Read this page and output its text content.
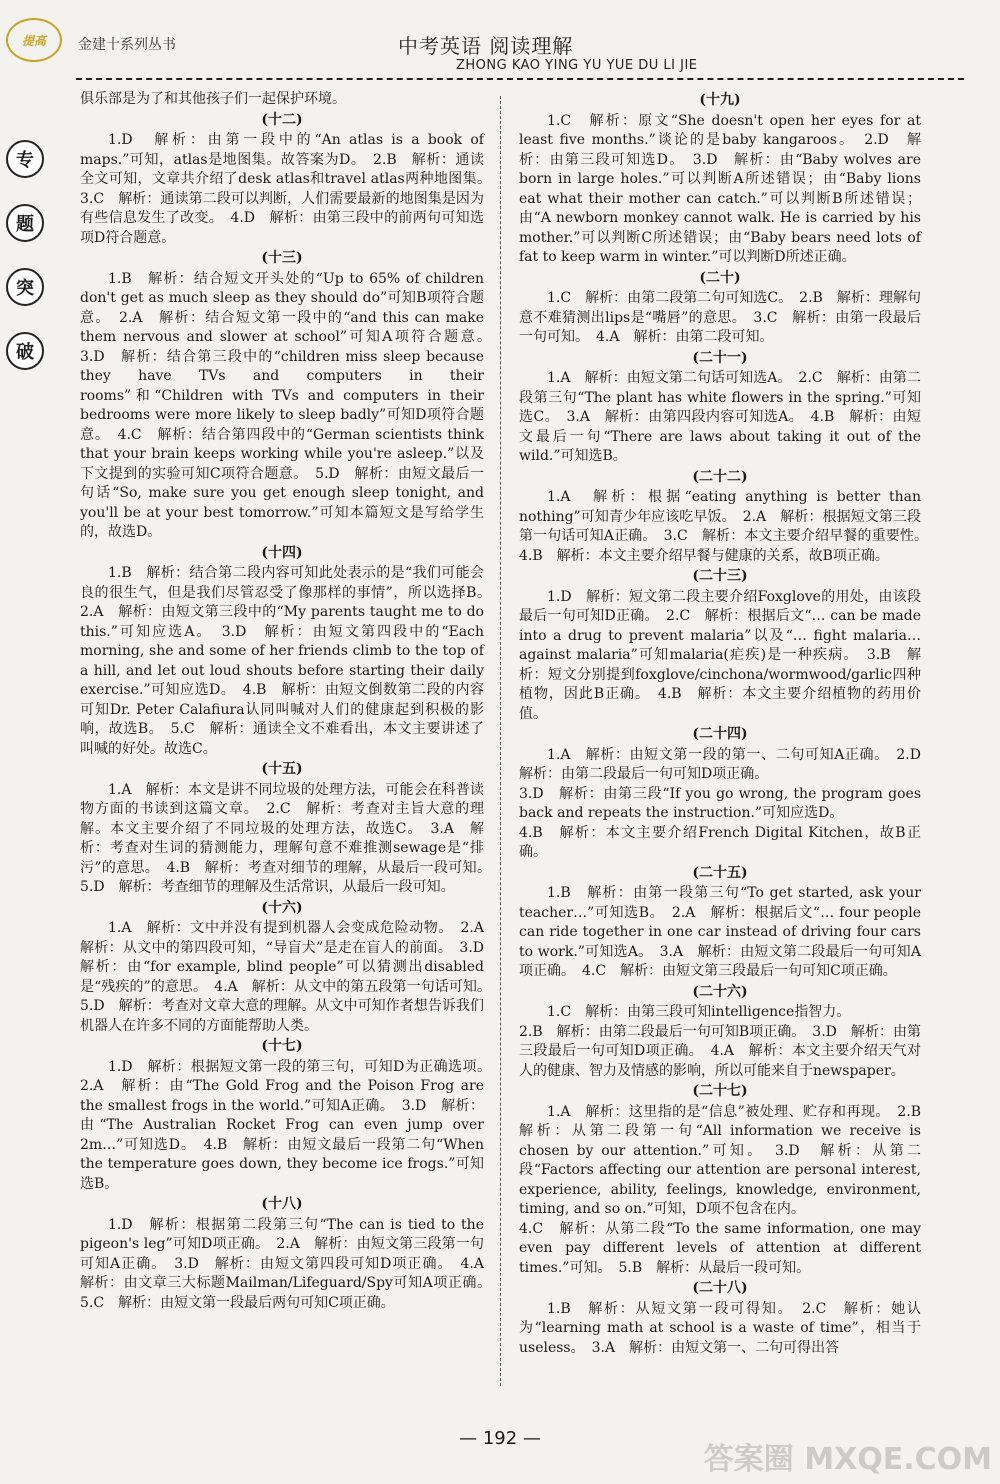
提高 金建十系列丛书	中考英语 阅读理解
ZHONG KAO YING YU YUE DU LI JIE
专
题
突
破

俱乐部是为了和其他孩子们一起保护环境。

(十二)

1.D　解析：由第一段中的“An atlas is a book of maps.”可知，atlas是地图集。故答案为D。　2.B　解析：通读全文可知，文章共介绍了desk atlas和travel atlas两种地图集。　3.C　解析：通读第二段可以判断，人们需要最新的地图集是因为有些信息发生了改变。　4.D　解析：由第三段中的前两句可知选项D符合题意。

(十三)

1.B　解析：结合短文开头处的“Up to 65% of children don't get as much sleep as they should do”可知B项符合题意。　2.A　解析：结合短文第一段中的“and this can make them nervous and slower at school”可知A项符合题意。　3.D　解析：结合第三段中的“children miss sleep because they have TVs and computers in their rooms”和“Children with TVs and computers in their bedrooms were more likely to sleep badly”可知D项符合题意。　4.C　解析：结合第四段中的“German scientists think that your brain keeps working while you're asleep.”以及下文提到的实验可知C项符合题意。　5.D　解析：由短文最后一句话“So, make sure you get enough sleep tonight, and you'll be at your best tomorrow.”可知本篇短文是写给学生的，故选D。

(十四)

1.B　解析：结合第二段内容可知此处表示的是“我们可能会良的很生气，但是我们尽管忍受了像那样的事情”，所以选择B。　2.A　解析：由短文第三段中的“My parents taught me to do this.”可知应选A。　3.D　解析：由短文第四段中的“Each morning, she and some of her friends climb to the top of a hill, and let out loud shouts before starting their daily exercise.”可知应选D。　4.B　解析：由短文倒数第二段的内容可知Dr. Peter Calafiura认同叫喊对人们的健康起到积极的影响，故选B。　5.C　解析：通读全文不难看出，本文主要讲述了叫喊的好处。故选C。

(十五)

1.A　解析：本文是讲不同垃圾的处理方法，可能会在科普读物方面的书读到这篇文章。　2.C　解析：考查对主旨大意的理解。本文主要介绍了不同垃圾的处理方法，故选C。　3.A　解析：考查对生词的猜测能力，理解句意不难推测sewage是“排污”的意思。　4.B　解析：考查对细节的理解，从最后一段可知。　5.D　解析：考查细节的理解及生活常识，从最后一段可知。

(十六)

1.A　解析：文中并没有提到机器人会变成危险动物。　2.A　解析：从文中的第四段可知，“导盲犬”是走在盲人的前面。　3.D　解析：由“for example, blind people”可以猜测出disabled是“残疾的”的意思。　4.A　解析：从文中的第五段第一句话可知。　5.D　解析：考查对文章大意的理解。从文中可知作者想告诉我们机器人在许多不同的方面能帮助人类。

(十七)

1.D　解析：根据短文第一段的第三句，可知D为正确选项。　2.A　解析：由“The Gold Frog and the Poison Frog are the smallest frogs in the world.”可知A正确。　3.D　解析：由“The Australian Rocket Frog can even jump over 2m…”可知选D。　4.B　解析：由短文最后一段第二句“When the temperature goes down, they become ice frogs.”可知选B。

(十八)

1.D　解析：根据第二段第三句“The can is tied to the pigeon's leg”可知D项正确。　2.A　解析：由短文第三段第一句可知A正确。　3.D　解析：由短文第四段可知D项正确。　4.A　解析：由文章三大标题Mailman/Lifeguard/Spy可知A项正确。　5.C　解析：由短文第一段最后两句可知C项正确。

(十九)

1.C　解析：原文“She doesn't open her eyes for at least five months.”谈论的是baby kangaroos。　2.D　解析：由第三段可知选D。　3.D　解析：由“Baby wolves are born in large holes.”可以判断A所述错误；由“Baby lions eat what their mother can catch.”可以判断B所述错误；由“A newborn monkey cannot walk. He is carried by his mother.”可以判断C所述错误；由“Baby bears need lots of fat to keep warm in winter.”可以判断D所述正确。

(二十)

1.C　解析：由第二段第二句可知选C。　2.B　解析：理解句意不难猜测出lips是“嘴唇”的意思。　3.C　解析：由第一段最后一句可知。　4.A　解析：由第二段可知。

(二十一)

1.A　解析：由短文第二句话可知选A。　2.C　解析：由第二段第三句“The plant has white flowers in the spring.”可知选C。　3.A　解析：由第四段内容可知选A。　4.B　解析：由短文最后一句“There are laws about taking it out of the wild.”可知选B。

(二十二)

1.A　解析：根据“eating anything is better than nothing”可知青少年应该吃早饭。　2.A　解析：根据短文第三段第一句话可知A正确。　3.C　解析：本文主要介绍早餐的重要性。　4.B　解析：本文主要介绍早餐与健康的关系，故B项正确。

(二十三)

1.D　解析：短文第二段主要介绍Foxglove的用处，由该段最后一句可知D正确。　2.C　解析：根据后文“… can be made into a drug to prevent malaria”以及“… fight malaria… against malaria”可知malaria(疟疾)是一种疾病。　3.B　解析：短文分别提到foxglove/cinchona/wormwood/garlic四种植物，因此B正确。　4.B　解析：本文主要介绍植物的药用价值。

(二十四)

1.A　解析：由短文第一段的第一、二句可知A正确。　2.D　解析：由第二段最后一句可知D项正确。

3.D　解析：由第三段“If you go wrong, the program goes back and repeats the instruction.”可知应选D。

4.B　解析：本文主要介绍French Digital Kitchen，故B正确。

(二十五)

1.B　解析：由第一段第三句“To get started, ask your teacher…”可知选B。　2.A　解析：根据后文“… four people can ride together in one car instead of driving four cars to work.”可知选A。　3.A　解析：由短文第二段最后一句可知A项正确。　4.C　解析：由短文第三段最后一句可知C项正确。

(二十六)

1.C　解析：由第三段可知intelligence指智力。

2.B　解析：由第二段最后一句可知B项正确。　3.D　解析：由第三段最后一句可知D项正确。　4.A　解析：本文主要介绍天气对人的健康、智力及情感的影响，所以可能来自于newspaper。

(二十七)

1.A　解析：这里指的是“信息”被处理、贮存和再现。　2.B　解析：从第二段第一句“All information we receive is chosen by our attention.”可知。　3.D　解析：从第二段“Factors affecting our attention are personal interest, experience, ability, feelings, knowledge, environment, timing, and so on.”可知，D项不包含在内。

4.C　解析：从第二段“To the same information, one may even pay different levels of attention at different times.”可知。　5.B　解析：从最后一段可知。

(二十八)

1.B　解析：从短文第一段可得知。　2.C　解析：她认为“learning math at school is a waste of time”，相当于useless。　3.A　解析：由短文第一、二句可得出答

— 192 —
答案圈 MXQE.COM
